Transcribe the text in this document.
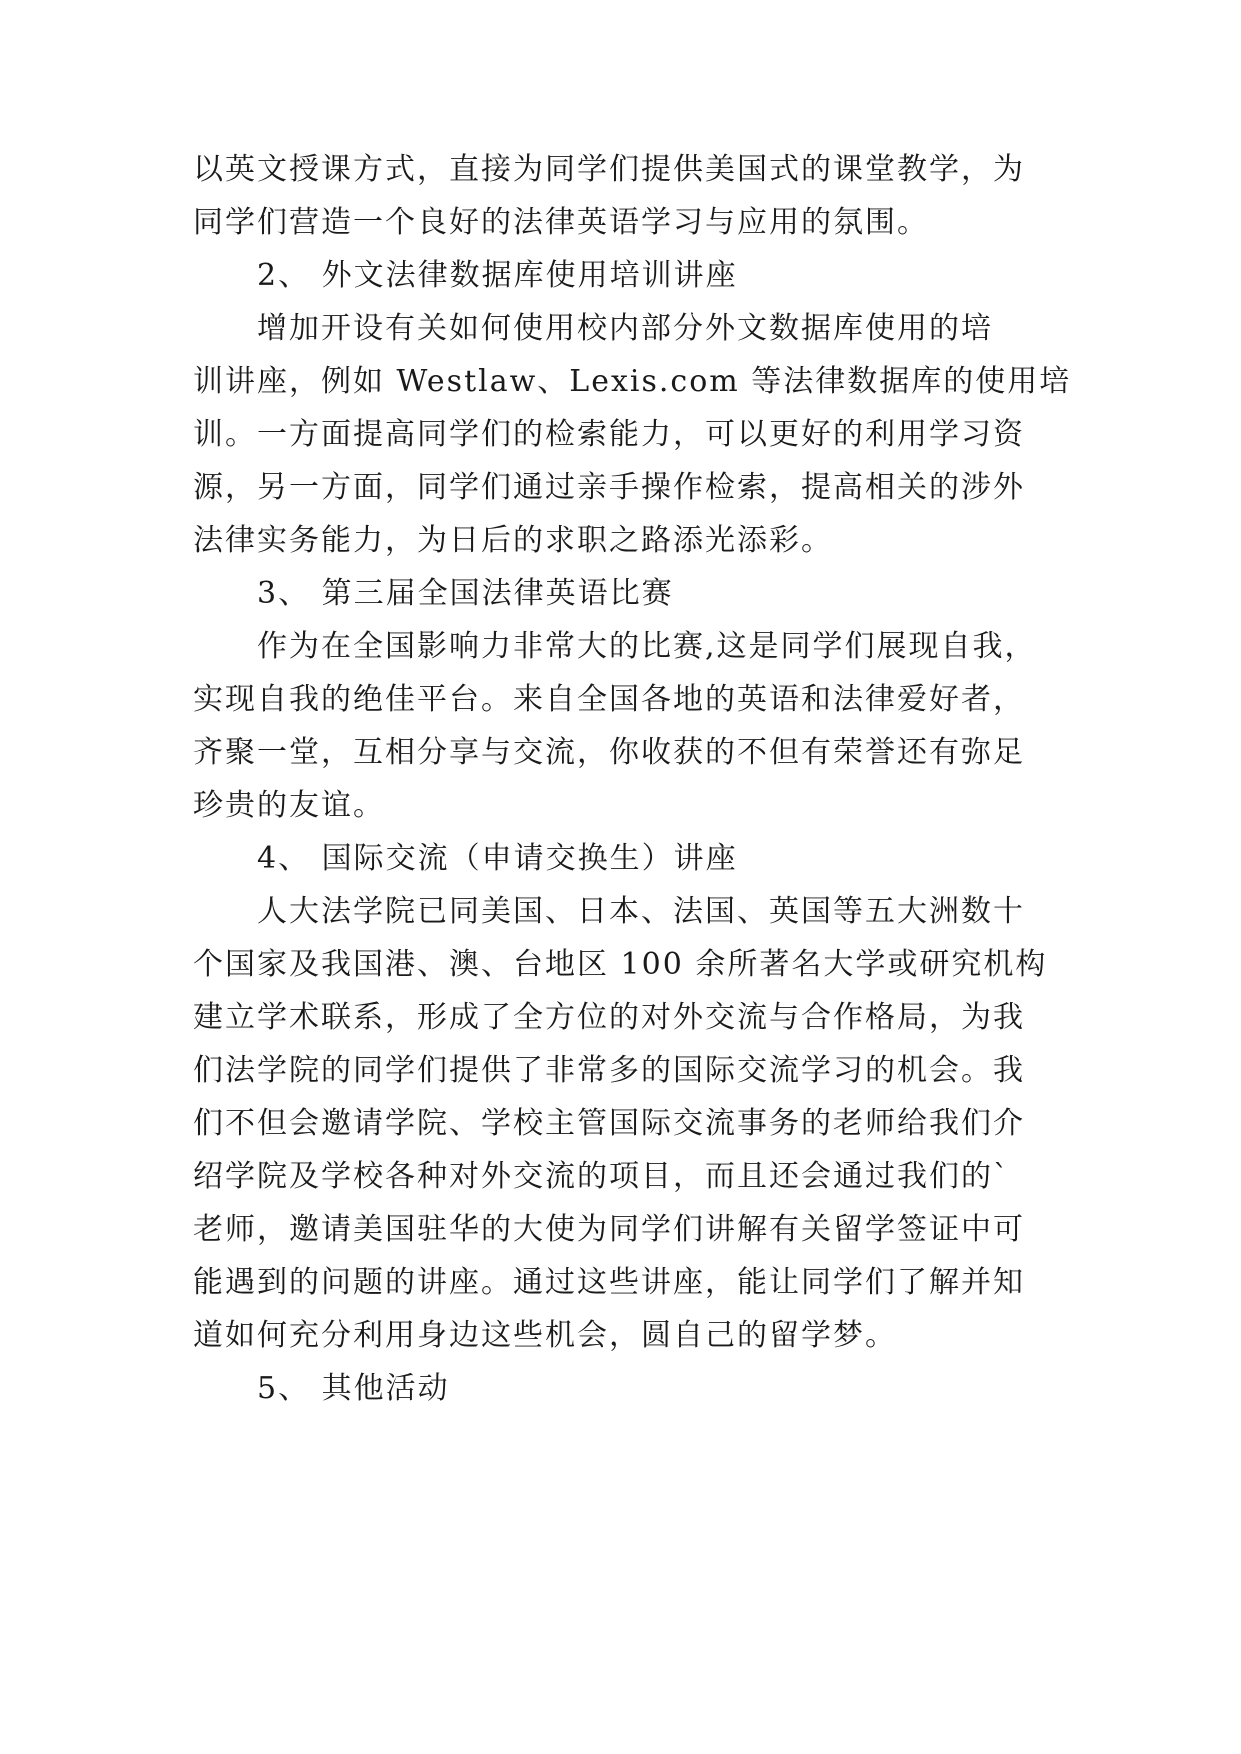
以英文授课方式，直接为同学们提供美国式的课堂教学，为
同学们营造一个良好的法律英语学习与应用的氛围。
2、 外文法律数据库使用培训讲座
增加开设有关如何使用校内部分外文数据库使用的培
训讲座，例如 Westlaw、Lexis.com 等法律数据库的使用培
训。一方面提高同学们的检索能力，可以更好的利用学习资
源，另一方面，同学们通过亲手操作检索，提高相关的涉外
法律实务能力，为日后的求职之路添光添彩。
3、 第三届全国法律英语比赛
作为在全国影响力非常大的比赛,这是同学们展现自我，
实现自我的绝佳平台。来自全国各地的英语和法律爱好者，
齐聚一堂，互相分享与交流，你收获的不但有荣誉还有弥足
珍贵的友谊。
4、 国际交流（申请交换生）讲座
人大法学院已同美国、日本、法国、英国等五大洲数十
个国家及我国港、澳、台地区 100 余所著名大学或研究机构
建立学术联系，形成了全方位的对外交流与合作格局，为我
们法学院的同学们提供了非常多的国际交流学习的机会。我
们不但会邀请学院、学校主管国际交流事务的老师给我们介
绍学院及学校各种对外交流的项目，而且还会通过我们的`
老师，邀请美国驻华的大使为同学们讲解有关留学签证中可
能遇到的问题的讲座。通过这些讲座，能让同学们了解并知
道如何充分利用身边这些机会，圆自己的留学梦。
5、 其他活动
